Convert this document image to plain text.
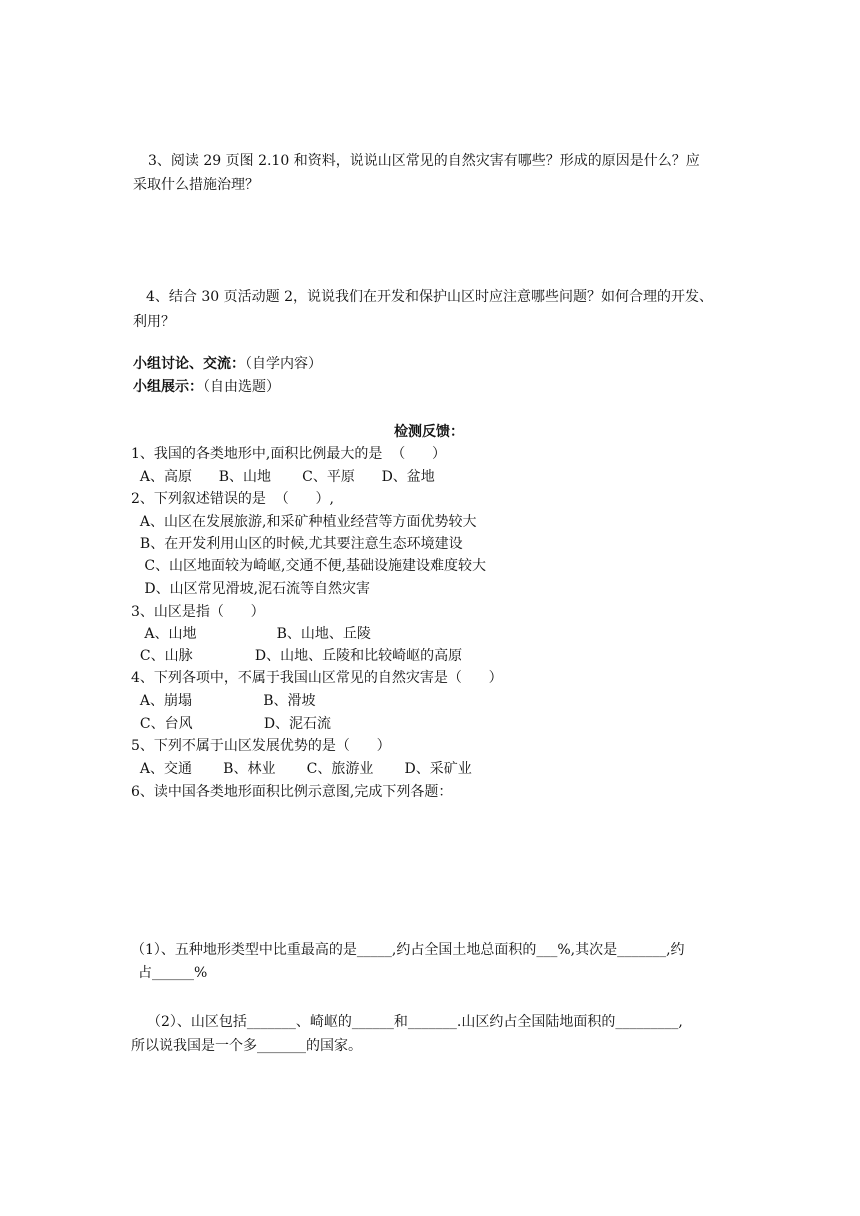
3、阅读 29 页图 2.10 和资料，说说山区常见的自然灾害有哪些？形成的原因是什么？应
采取什么措施治理？
4、结合 30 页活动题 2，说说我们在开发和保护山区时应注意哪些问题？如何合理的开发、
利用？
小组讨论、交流：（自学内容）
小组展示：（自由选题）
检测反馈：
1、我国的各类地形中,面积比例最大的是  （      ）
A、高原      B、山地       C、平原      D、盆地
2、下列叙述错误的是  （      ）,
A、山区在发展旅游,和采矿种植业经营等方面优势较大
B、在开发利用山区的时候,尤其要注意生态环境建设
C、山区地面较为崎岖,交通不便,基础设施建设难度较大
D、山区常见滑坡,泥石流等自然灾害
3、山区是指（      ）
A、山地                  B、山地、丘陵
C、山脉              D、山地、丘陵和比较崎岖的高原
4、下列各项中，不属于我国山区常见的自然灾害是（      ）
A、崩塌                B、滑坡
C、台风                D、泥石流
5、下列不属于山区发展优势的是（      ）
A、交通       B、林业       C、旅游业       D、采矿业
6、读中国各类地形面积比例示意图,完成下列各题：
（1）、五种地形类型中比重最高的是_____,约占全国土地总面积的___%,其次是_______,约
占______%
（2）、山区包括_______、崎岖的______和_______.山区约占全国陆地面积的_________,
所以说我国是一个多_______的国家。
